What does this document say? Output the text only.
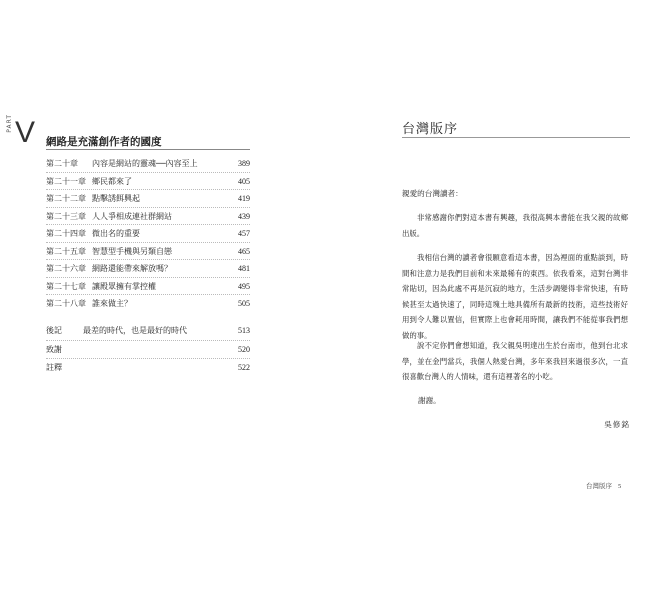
PART V 網路是充滿創作者的國度
第二十章 內容是網站的靈魂──內容至上	389
第二十一章 鄉民都來了	405
第二十二章 點擊誘餌興起	419
第二十三章 人人爭相成連社群網站	439
第二十四章 微出名的重要	457
第二十五章 智慧型手機與另類自戀	465
第二十六章 網路還能帶來解放嗎？	481
第二十七章 讓殿眾擁有掌控權	495
第二十八章 誰來做主？	505
後記	最差的時代，也是最好的時代	513
致謝	520
註釋	522
台灣版序
親愛的台灣讀者：

非常感謝你們對這本書有興趣，我很高興本書能在我父親的故鄉出版。

我相信台灣的讀者會很願意看這本書，因為裡面的重點談到，時間和注意力是我們目前和未來最稀有的東西。依我看來，這對台灣非常貼切，因為此處不再是沉寂的地方，生活步調變得非常快速，有時候甚至太過快速了，同時這塊土地具備所有最新的技術，這些技術好用到令人難以置信，但實際上也會耗用時間，讓我們不能從事我們想做的事。

說不定你們會想知道，我父親吳明達出生於台南市，他到台北求學，並在金門當兵，我個人熱愛台灣，多年來我回來過很多次，一直很喜歡台灣人的人情味，還有這裡著名的小吃。

謝謝。
吳修銘
台灣版序 5
